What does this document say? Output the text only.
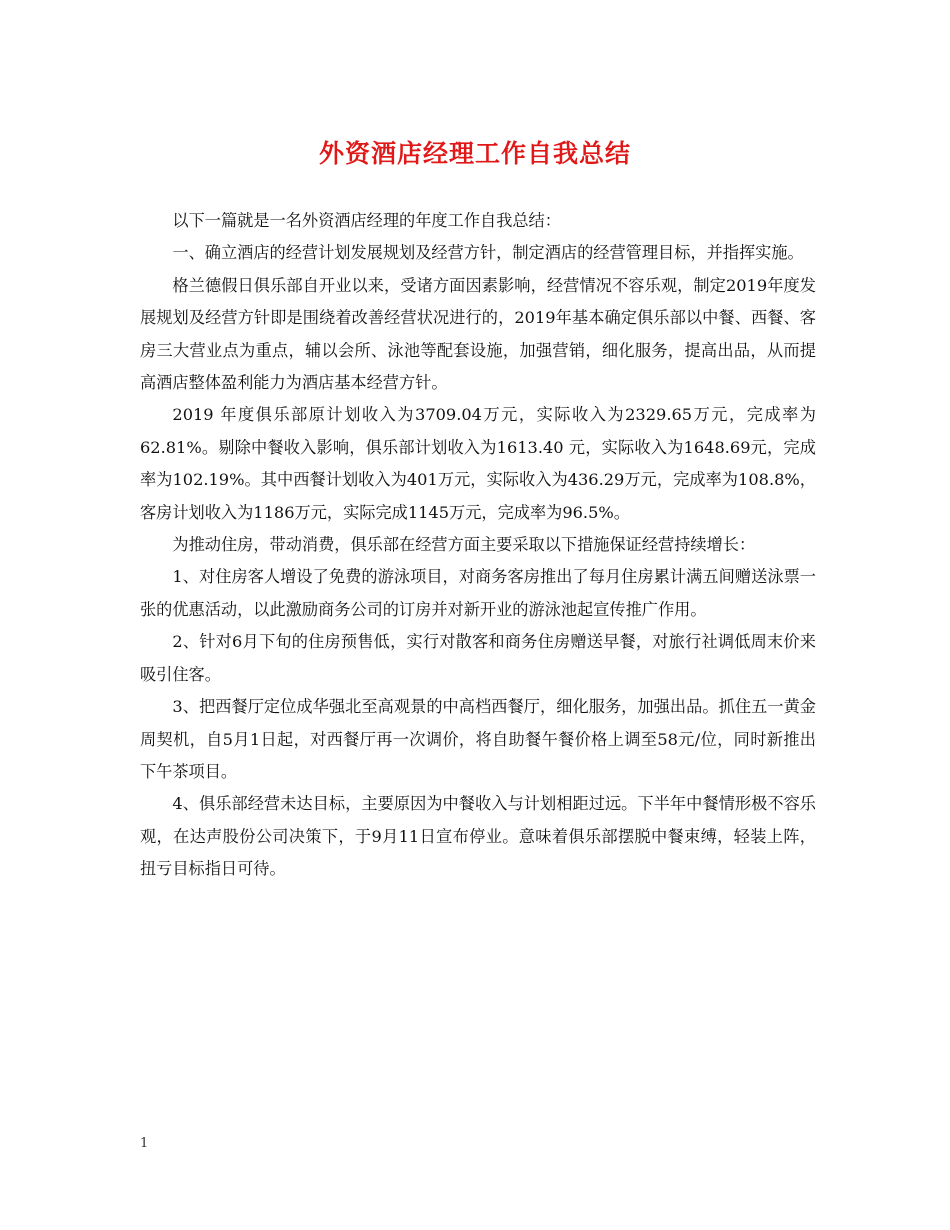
外资酒店经理工作自我总结

以下一篇就是一名外资酒店经理的年度工作自我总结：

一、确立酒店的经营计划发展规划及经营方针，制定酒店的经营管理目标，并指挥实施。

格兰德假日俱乐部自开业以来，受诸方面因素影响，经营情况不容乐观，制定2019年度发展规划及经营方针即是围绕着改善经营状况进行的，2019年基本确定俱乐部以中餐、西餐、客房三大营业点为重点，辅以会所、泳池等配套设施，加强营销，细化服务，提高出品，从而提高酒店整体盈利能力为酒店基本经营方针。

2019 年度俱乐部原计划收入为3709.04万元，实际收入为2329.65万元，完成率为62.81%。剔除中餐收入影响，俱乐部计划收入为1613.40 元，实际收入为1648.69元，完成率为102.19%。其中西餐计划收入为401万元，实际收入为436.29万元，完成率为108.8%，客房计划收入为1186万元，实际完成1145万元，完成率为96.5%。

为推动住房，带动消费，俱乐部在经营方面主要采取以下措施保证经营持续增长：

1、对住房客人增设了免费的游泳项目，对商务客房推出了每月住房累计满五间赠送泳票一张的优惠活动，以此激励商务公司的订房并对新开业的游泳池起宣传推广作用。

2、针对6月下旬的住房预售低，实行对散客和商务住房赠送早餐，对旅行社调低周末价来吸引住客。

3、把西餐厅定位成华强北至高观景的中高档西餐厅，细化服务，加强出品。抓住五一黄金周契机，自5月1日起，对西餐厅再一次调价，将自助餐午餐价格上调至58元/位，同时新推出下午茶项目。

4、俱乐部经营未达目标，主要原因为中餐收入与计划相距过远。下半年中餐情形极不容乐观，在达声股份公司决策下，于9月11日宣布停业。意味着俱乐部摆脱中餐束缚，轻装上阵，扭亏目标指日可待。

1
